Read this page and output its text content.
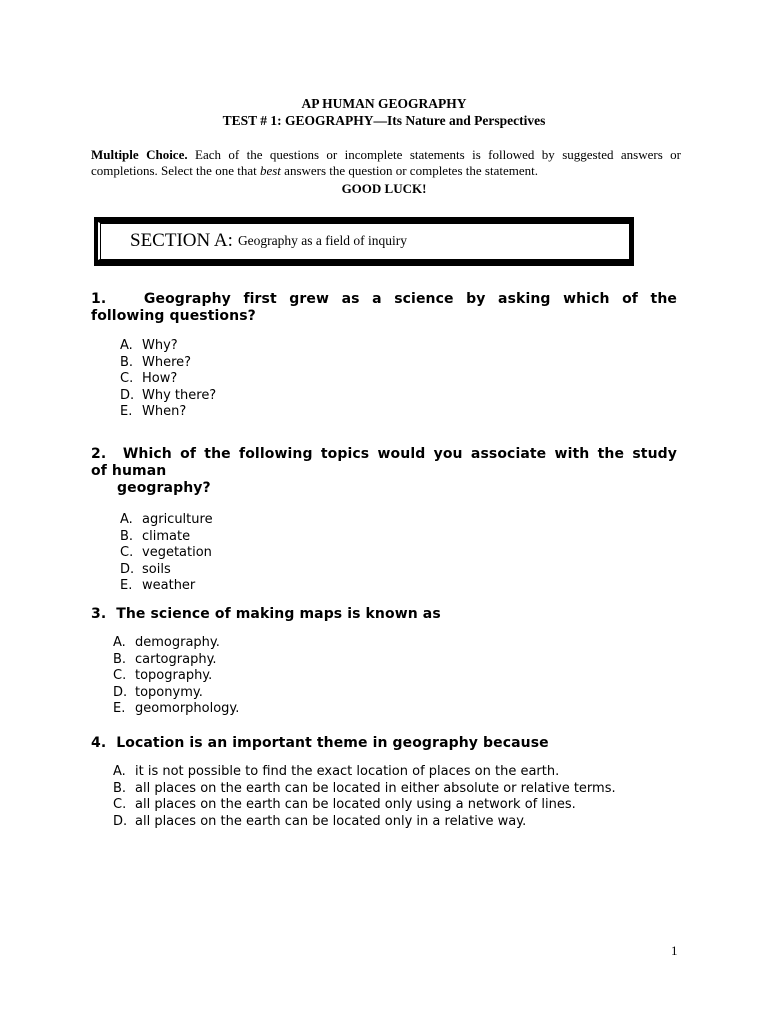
AP HUMAN GEOGRAPHY
TEST # 1: GEOGRAPHY—Its Nature and Perspectives
Multiple Choice. Each of the questions or incomplete statements is followed by suggested answers or completions. Select the one that best answers the question or completes the statement.
GOOD LUCK!
SECTION A: Geography as a field of inquiry
1.	Geography first grew as a science by asking which of the
following questions?
A. Why?
B. Where?
C. How?
D. Why there?
E. When?
2. Which of the following topics would you associate with the study
of human
geography?
A. agriculture
B. climate
C. vegetation
D. soils
E. weather
3. The science of making maps is known as
A. demography.
B. cartography.
C. topography.
D. toponymy.
E. geomorphology.
4. Location is an important theme in geography because
A. it is not possible to find the exact location of places on the earth.
B. all places on the earth can be located in either absolute or relative terms.
C. all places on the earth can be located only using a network of lines.
D. all places on the earth can be located only in a relative way.
1
